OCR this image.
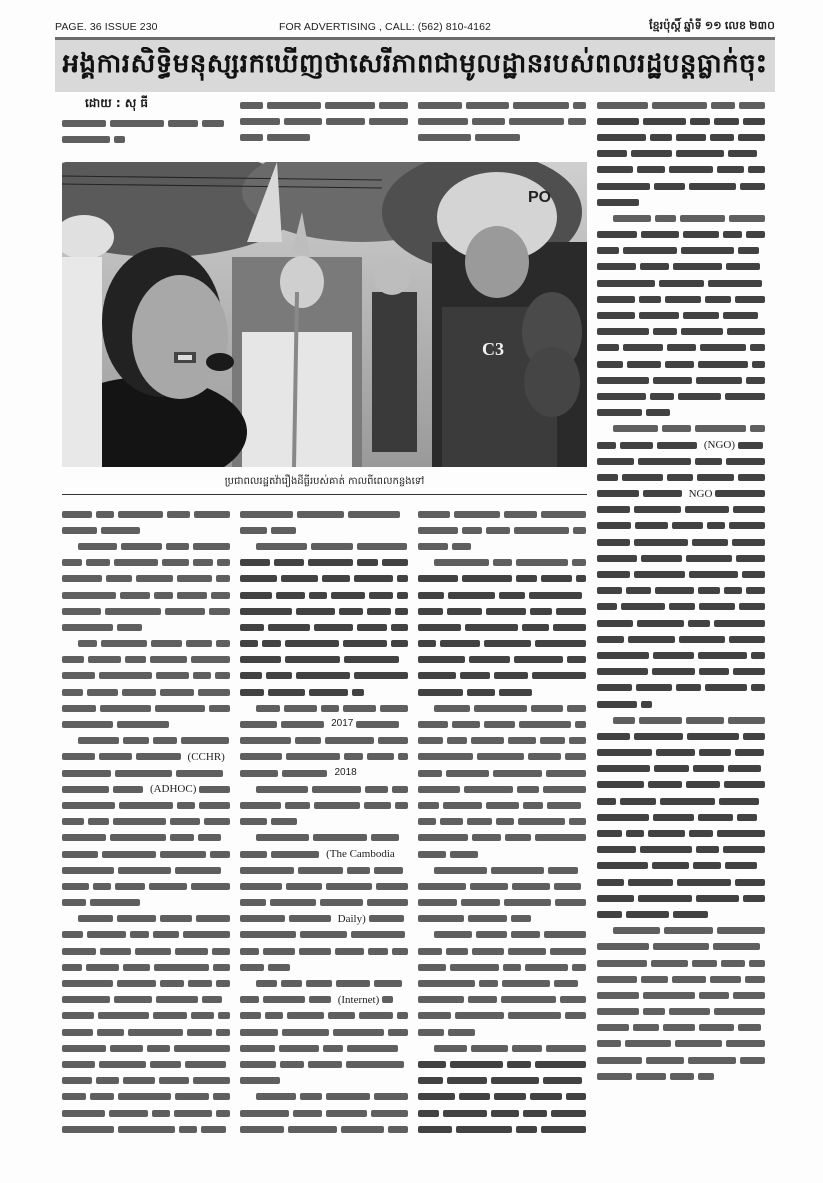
PAGE. 36 ISSUE 230	FOR ADVERTISING , CALL: (562) 810-4162	ខ្មែរប៉ុស្តិ៍ ឆ្នាំទី ១១ លេខ ២៣០
អង្គការសិទ្ធិមនុស្សរកឃើញថាសេរីភាពជាមូលដ្ឋានរបស់ពលរដ្ឋបន្តធ្លាក់ចុះ
ដោយ : សុ ធី
PO
C3
ប្រជាពលរដ្ឋតវ៉ារឿងដីធ្លីរបស់គាត់ កាលពីពេលកន្លងទៅ
(NGO)
NGO
(CCHR)
(ADHOC)
2017
2018
(The Cambodia
Daily)
(Internet)
